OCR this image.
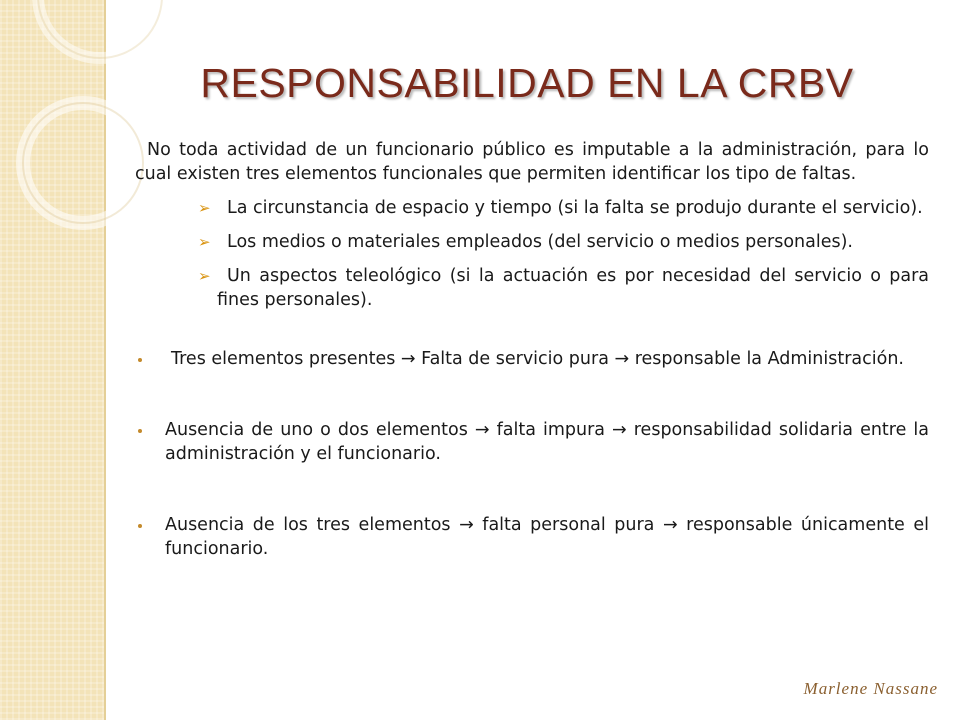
RESPONSABILIDAD EN LA CRBV

No toda actividad de un funcionario público es imputable a la administración, para lo cual existen tres elementos funcionales que permiten identificar los tipo de faltas.

➢ La circunstancia de espacio y tiempo (si la falta se produjo durante el servicio).
➢ Los medios o materiales empleados (del servicio o medios personales).
➢ Un aspectos teleológico (si la actuación es por necesidad del servicio o para fines personales).
Tres elementos presentes → Falta de servicio pura → responsable la Administración.
Ausencia de uno o dos elementos → falta impura → responsabilidad solidaria entre la administración y el funcionario.
Ausencia de los tres elementos → falta personal pura → responsable únicamente el funcionario.
Marlene Nassane
